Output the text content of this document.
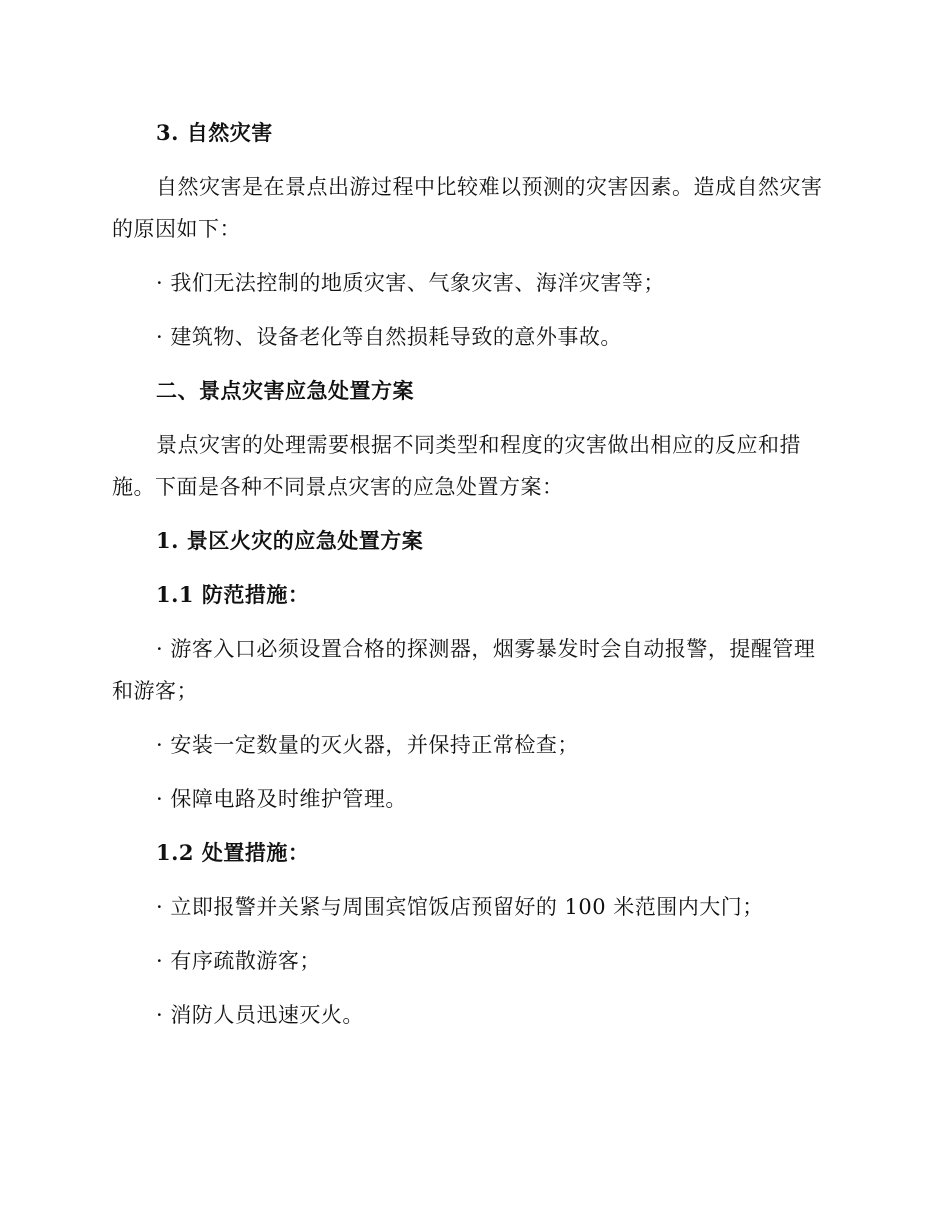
3. 自然灾害

自然灾害是在景点出游过程中比较难以预测的灾害因素。造成自然灾害

的原因如下：

· 我们无法控制的地质灾害、气象灾害、海洋灾害等；

· 建筑物、设备老化等自然损耗导致的意外事故。

二、景点灾害应急处置方案

景点灾害的处理需要根据不同类型和程度的灾害做出相应的反应和措

施。下面是各种不同景点灾害的应急处置方案：

1. 景区火灾的应急处置方案

1.1 防范措施：

· 游客入口必须设置合格的探测器，烟雾暴发时会自动报警，提醒管理

和游客；

· 安装一定数量的灭火器，并保持正常检查；

· 保障电路及时维护管理。

1.2 处置措施：

· 立即报警并关紧与周围宾馆饭店预留好的 100 米范围内大门；

· 有序疏散游客；

· 消防人员迅速灭火。
